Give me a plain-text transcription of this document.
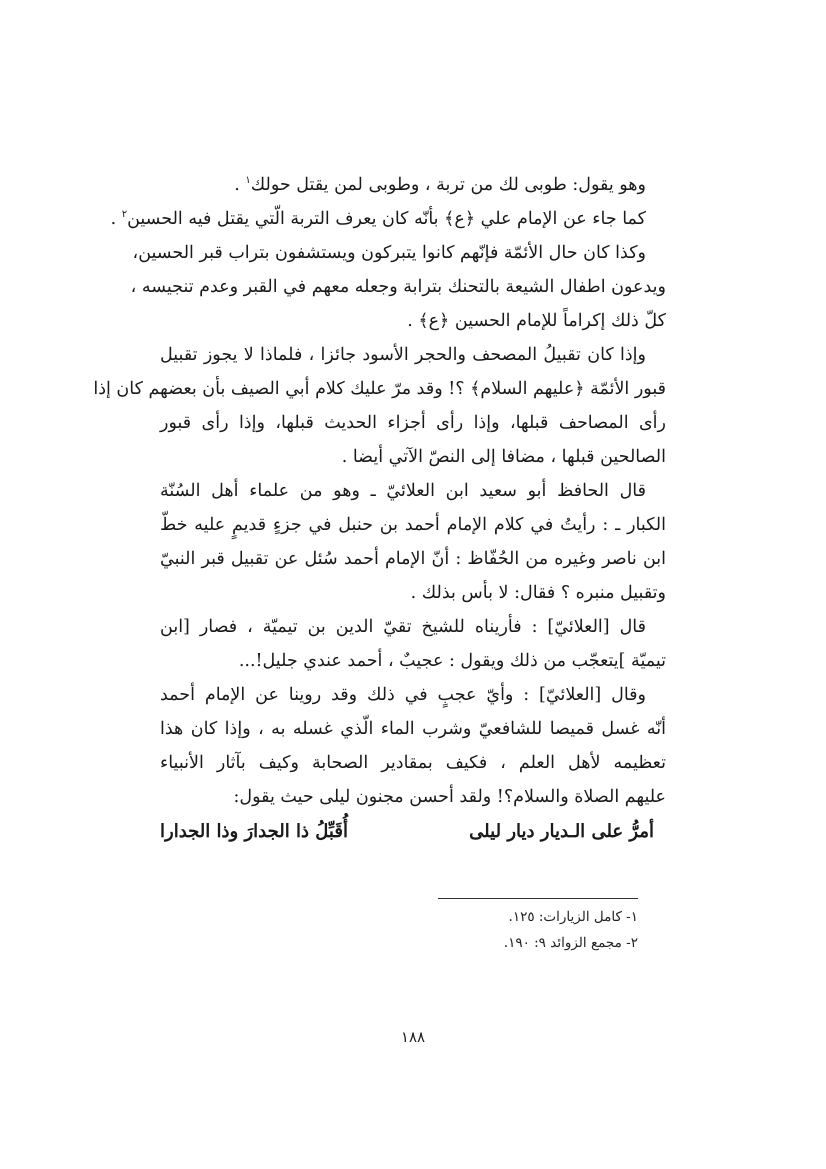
وهو يقول: طوبى لك من تربة ، وطوبى لمن يقتل حولك$^١$ .
كما جاء عن الإمام علي ﴿ع﴾ بأنّه كان يعرف التربة الّتي يقتل فيه الحسين$^٢$ .
وكذا كان حال الأئمّة فإنّهم كانوا يتبركون ويستشفون بتراب قبر الحسين،
ويدعون اطفال الشيعة بالتحنك بترابة وجعله معهم في القبر وعدم تنجيسه ،
كلّ ذلك إكراماً للإمام الحسين ﴿ع﴾ .
وإذا كان تقبيلُ المصحف والحجر الأسود جائزا ، فلماذا لا يجوز تقبيل
قبور الأئمّة ﴿عليهم السلام﴾ ؟! وقد مرّ عليك كلام أبي الصيف بأن بعضهم كان إذا
رأى المصاحف قبلها، وإذا رأى أجزاء الحديث قبلها، وإذا رأى قبور
الصالحين قبلها ، مضافا إلى النصّ الآتي أيضا .
قال الحافظ أبو سعيد ابن العلائيّ ـ وهو من علماء أهل السُنّة
الكبار ـ : رأيتُ في كلام الإمام أحمد بن حنبل في جزءٍ قديمٍ عليه خطّ
ابن ناصر وغيره من الحُفّاظ : أنّ الإمام أحمد سُئل عن تقبيل قبر النبيّ
وتقبيل منبره ؟ فقال: لا بأس بذلك .
قال [العلائيّ] : فأريناه للشيخ تقيّ الدين بن تيميّة ، فصار [ابن
تيميّة ]يتعجّب من ذلك ويقول : عجيبٌ ، أحمد عندي جليل!...
وقال [العلائيّ] : وأيّ عجبٍ في ذلك وقد روينا عن الإمام أحمد
أنّه غسل قميصا للشافعيّ وشرب الماء الّذي غسله به ، وإذا كان هذا
تعظيمه لأهل العلم ، فكيف بمقادير الصحابة وكيف بآثار الأنبياء
عليهم الصلاة والسلام؟! ولقد أحسن مجنون ليلى حيث يقول:
أمرُّ على الـديار ديار ليلى
أُقَبِّلُ ذا الجدارَ وذا الجدارا
١- كامل الزيارات: ١٢٥.
٢- مجمع الزوائد ٩: ١٩٠.
١٨٨
